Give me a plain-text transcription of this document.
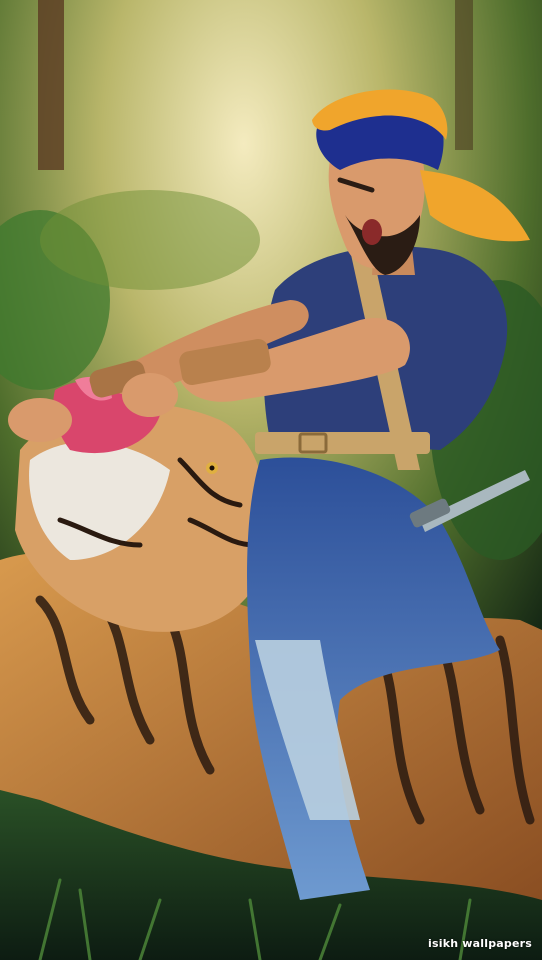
isikh wallpapers
